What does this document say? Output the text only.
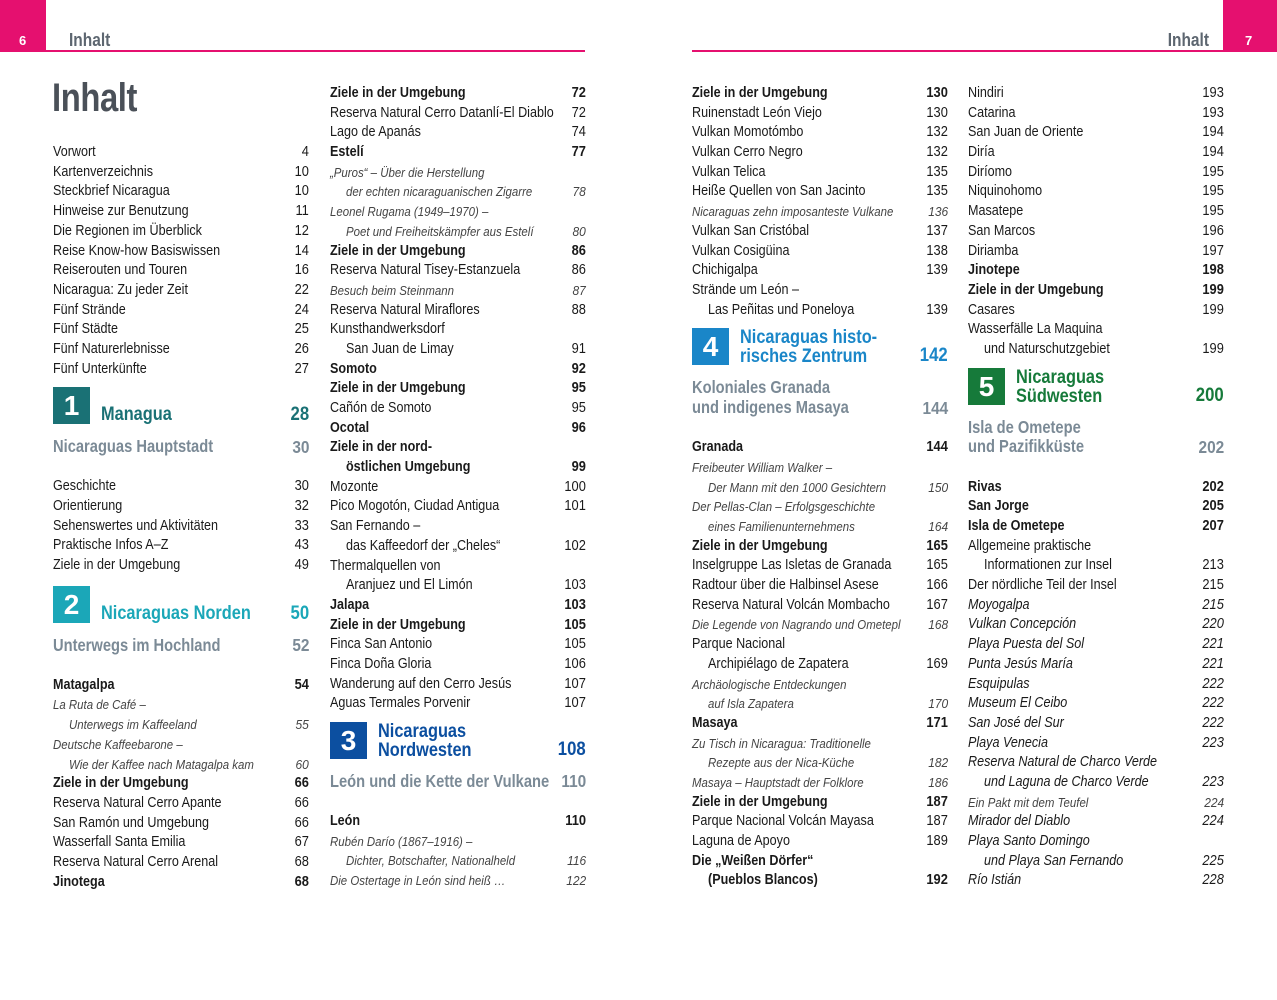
6 Inhalt	7
Inhalt
Inhalt
Vorwort	4
Kartenverzeichnis	10
Steckbrief Nicaragua	10
Hinweise zur Benutzung	11
Die Regionen im Überblick	12
Reise Know-how Basiswissen	14
Reiserouten und Touren	16
Nicaragua: Zu jeder Zeit	22
Fünf Strände	24
Fünf Städte	25
Fünf Naturerlebnisse	26
Fünf Unterkünfte	27
1	Managua	28
Nicaraguas Hauptstadt	30
Geschichte	30
Orientierung	32
Sehenswertes und Aktivitäten	33
Praktische Infos A–Z	43
Ziele in der Umgebung	49
2	Nicaraguas Norden 50
Unterwegs im Hochland	52
Matagalpa	54
La Ruta de Café –
Unterwegs im Kaffeeland	55
Deutsche Kaffeebarone –
Wie der Kaffee nach Matagalpa kam	60
Ziele in der Umgebung	66
Reserva Natural Cerro Apante	66
San Ramón und Umgebung	66
Wasserfall Santa Emilia	67
Reserva Natural Cerro Arenal	68
Jinotega	68
Ziele in der Umgebung	72
Reserva Natural Cerro Datanlí-El Diablo 72
Lago de Apanás	74
Estelí	77
„Puros“ – Über die Herstellung
der echten nicaraguanischen Zigarre	78
Leonel Rugama (1949–1970) –
Poet und Freiheitskämpfer aus Estelí	80
Ziele in der Umgebung	86
Reserva Natural Tisey-Estanzuela	86
Besuch beim Steinmann	87
Reserva Natural Miraflores	88
Kunsthandwerksdorf
San Juan de Limay	91
Somoto	92
Ziele in der Umgebung	95
Cañón de Somoto	95
Ocotal	96
Ziele in der nord-
östlichen Umgebung	99
Mozonte	100
Pico Mogotón, Ciudad Antigua	101
San Fernando –
das Kaffeedorf der „Cheles“	102
Thermalquellen von
Aranjuez und El Limón	103
Jalapa	103
Ziele in der Umgebung	105
Finca San Antonio	105
Finca Doña Gloria	106
Wanderung auf den Cerro Jesús	107
Aguas Termales Porvenir	107
3	Nicaraguas
Nordwesten	108
León und die Kette der Vulkane 110
León	110
Rubén Darío (1867–1916) –
Dichter, Botschafter, Nationalheld	116
Die Ostertage in León sind heiß …	122
Ziele in der Umgebung	130
Ruinenstadt León Viejo	130
Vulkan Momotómbo	132
Vulkan Cerro Negro	132
Vulkan Telica	135
Heiße Quellen von San Jacinto	135
Nicaraguas zehn imposanteste Vulkane	136
Vulkan San Cristóbal	137
Vulkan Cosigüina	138
Chichigalpa	139
Strände um León –
Las Peñitas und Poneloya	139
4	Nicaraguas histo-
risches Zentrum	142
Koloniales Granada
und indigenes Masaya	144
Granada	144
Freibeuter William Walker –
Der Mann mit den 1000 Gesichtern	150
Der Pellas-Clan – Erfolgsgeschichte
eines Familienunternehmens	164
Ziele in der Umgebung	165
Inselgruppe Las Isletas de Granada 165
Radtour über die Halbinsel Asese	166
Reserva Natural Volcán Mombacho	167
Die Legende von Nagrando und Ometepl 168
Parque Nacional
Archipiélago de Zapatera	169
Archäologische Entdeckungen
auf Isla Zapatera	170
Masaya	171
Zu Tisch in Nicaragua: Traditionelle
Rezepte aus der Nica-Küche	182
Masaya – Hauptstadt der Folklore	186
Ziele in der Umgebung	187
Parque Nacional Volcán Mayasa	187
Laguna de Apoyo	189
Die „Weißen Dörfer“
(Pueblos Blancos)	192
Nindiri	193
Catarina	193
San Juan de Oriente	194
Diría	194
Diríomo	195
Niquinohomo	195
Masatepe	195
San Marcos	196
Diriamba	197
Jinotepe	198
Ziele in der Umgebung	199
Casares	199
Wasserfälle La Maquina
und Naturschutzgebiet	199
5	Nicaraguas
Südwesten	200
Isla de Ometepe
und Pazifikküste	202
Rivas	202
San Jorge	205
Isla de Ometepe	207
Allgemeine praktische
Informationen zur Insel	213
Der nördliche Teil der Insel	215
Moyogalpa	215
Vulkan Concepción	220
Playa Puesta del Sol	221
Punta Jesús María	221
Esquipulas	222
Museum El Ceibo	222
San José del Sur	222
Playa Venecia	223
Reserva Natural de Charco Verde
und Laguna de Charco Verde	223
Ein Pakt mit dem Teufel	224
Mirador del Diablo	224
Playa Santo Domingo
und Playa San Fernando	225
Río Istián	228
